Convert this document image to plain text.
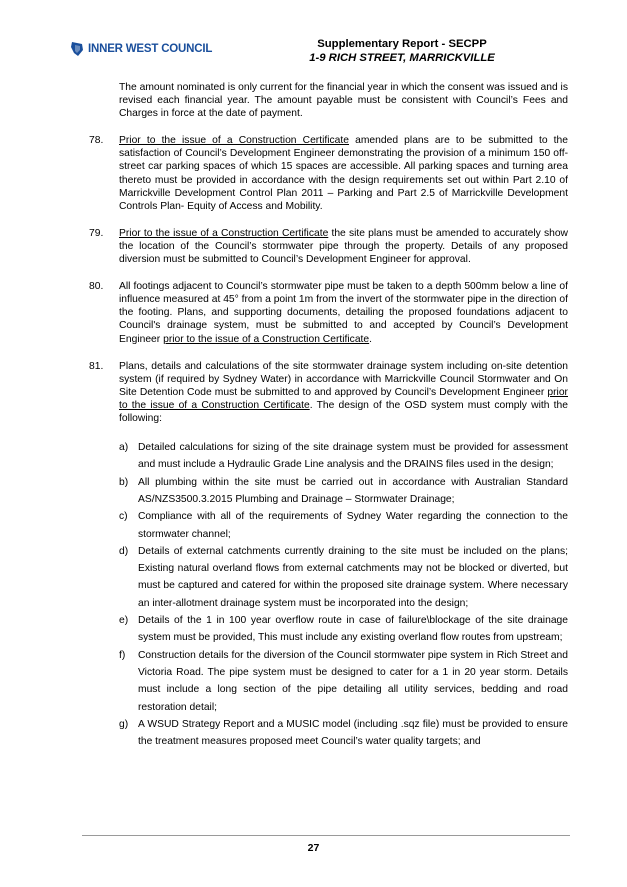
INNER WEST COUNCIL	Supplementary Report - SECPP
1-9 RICH STREET, MARRICKVILLE
The amount nominated is only current for the financial year in which the consent was issued and is revised each financial year. The amount payable must be consistent with Council’s Fees and Charges in force at the date of payment.
78.	Prior to the issue of a Construction Certificate amended plans are to be submitted to the satisfaction of Council’s Development Engineer demonstrating the provision of a minimum 150 off-street car parking spaces of which 15 spaces are accessible. All parking spaces and turning area thereto must be provided in accordance with the design requirements set out within Part 2.10 of Marrickville Development Control Plan 2011 – Parking and Part 2.5 of Marrickville Development Controls Plan- Equity of Access and Mobility.
79.	Prior to the issue of a Construction Certificate the site plans must be amended to accurately show the location of the Council’s stormwater pipe through the property. Details of any proposed diversion must be submitted to Council’s Development Engineer for approval.
80.	All footings adjacent to Council’s stormwater pipe must be taken to a depth 500mm below a line of influence measured at 45° from a point 1m from the invert of the stormwater pipe in the direction of the footing. Plans, and supporting documents, detailing the proposed foundations adjacent to Council's drainage system, must be submitted to and accepted by Council’s Development Engineer prior to the issue of a Construction Certificate.
81.	Plans, details and calculations of the site stormwater drainage system including on-site detention system (if required by Sydney Water) in accordance with Marrickville Council Stormwater and On Site Detention Code must be submitted to and approved by Council’s Development Engineer prior to the issue of a Construction Certificate. The design of the OSD system must comply with the following:
a) Detailed calculations for sizing of the site drainage system must be provided for assessment and must include a Hydraulic Grade Line analysis and the DRAINS files used in the design;
b) All plumbing within the site must be carried out in accordance with Australian Standard AS/NZS3500.3.2015 Plumbing and Drainage – Stormwater Drainage;
c)	Compliance with all of the requirements of Sydney Water regarding the connection to the stormwater channel;
d) Details of external catchments currently draining to the site must be included on the plans; Existing natural overland flows from external catchments may not be blocked or diverted, but must be captured and catered for within the proposed site drainage system. Where necessary an inter-allotment drainage system must be incorporated into the design;
e) Details of the 1 in 100 year overflow route in case of failure\blockage of the site drainage system must be provided, This must include any existing overland flow routes from upstream;
f)	Construction details for the diversion of the Council stormwater pipe system in Rich Street and Victoria Road. The pipe system must be designed to cater for a 1 in 20 year storm. Details must include a long section of the pipe detailing all utility services, bedding and road restoration detail;
g) A WSUD Strategy Report and a MUSIC model (including .sqz file) must be provided to ensure the treatment measures proposed meet Council’s water quality targets; and
27
